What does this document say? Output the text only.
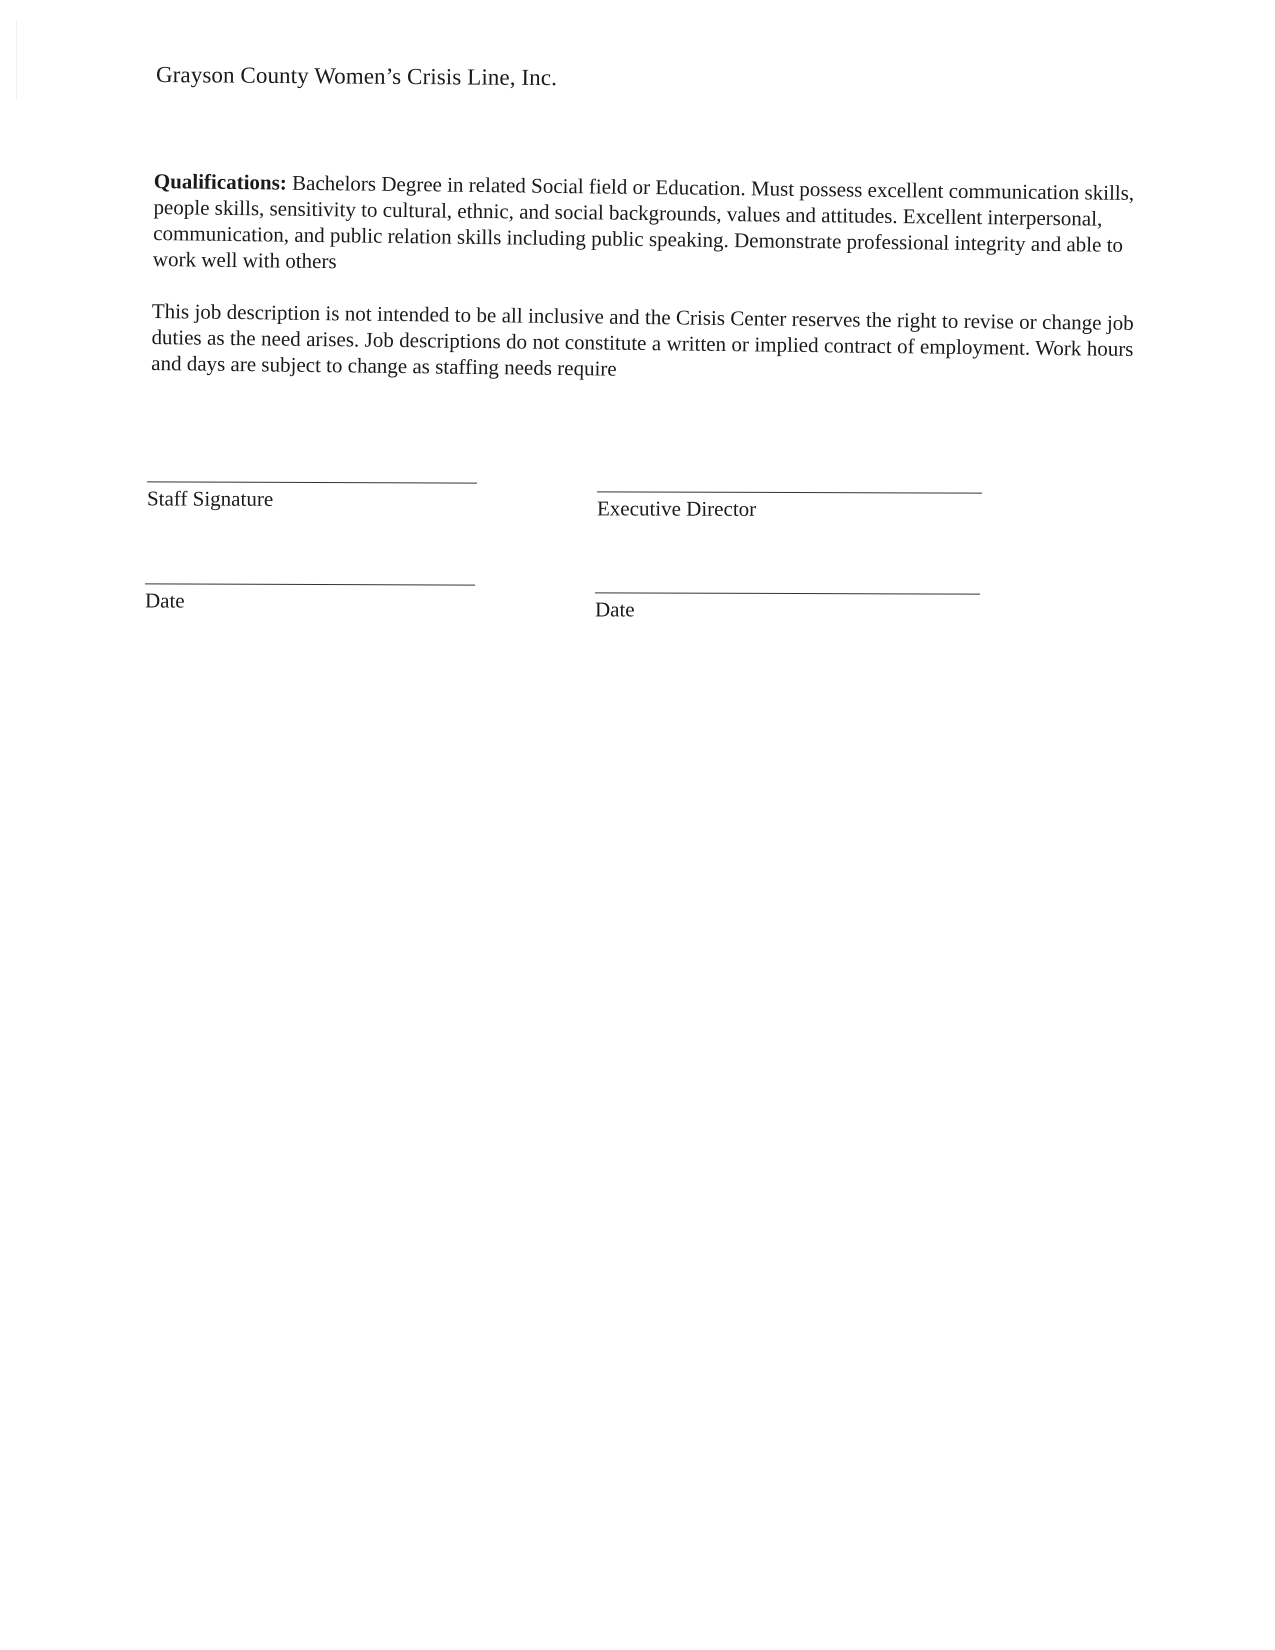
Grayson County Women’s Crisis Line, Inc.
Qualifications: Bachelors Degree in related Social field or Education. Must possess excellent communication skills, people skills, sensitivity to cultural, ethnic, and social backgrounds, values and attitudes. Excellent interpersonal, communication, and public relation skills including public speaking. Demonstrate professional integrity and able to work well with others
This job description is not intended to be all inclusive and the Crisis Center reserves the right to revise or change job duties as the need arises. Job descriptions do not constitute a written or implied contract of employment. Work hours and days are subject to change as staffing needs require
Staff Signature	Executive Director
Date	Date
